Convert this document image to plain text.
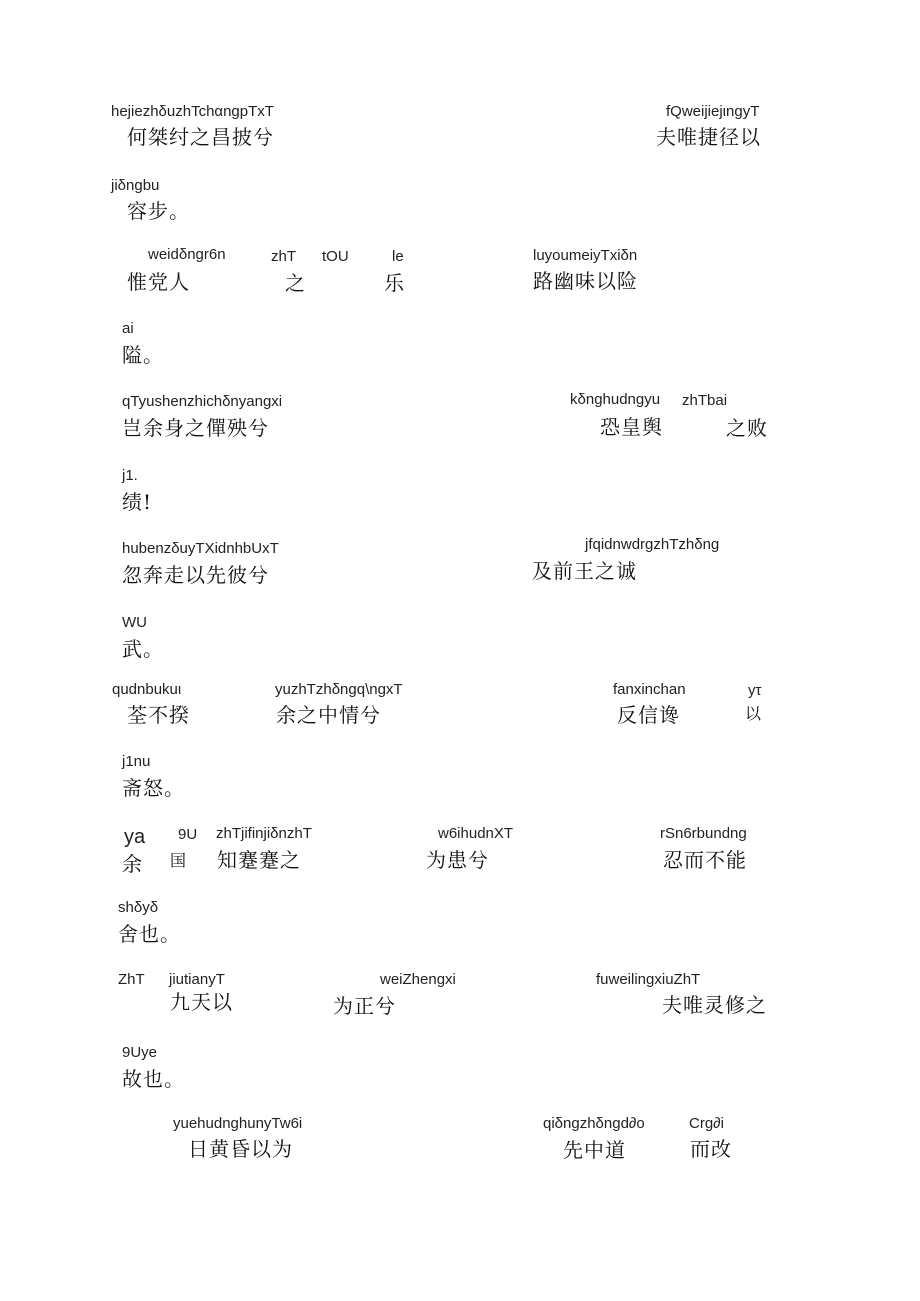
hejiezhδuzhTchαngpTxT	fQweijiejιngyT
何桀纣之昌披兮	夫唯捷径以
jiδngbu
容步。
weidδngr6n	zhT tOU	le	luyoumeiyTxiδn
惟党人	之	乐	路幽味以险
ai
隘。
qTyushenzhichδnyangxi	kδnghudngyu zhTbai
岂余身之僤殃兮	恐皇舆	之败
j1.
绩!
hubenzδuyTXidnhbUxT	jfqidnwdrgzhTzhδng
忽奔走以先彼兮	及前王之诚
WU
武。
qudnbukuι	yuzhTzhδngq\ngxT	fanxinchan	yτ
荃不揆	余之中情兮	反信谗	以
j1nu
斋怒。
ya 9U zhTjifinjiδnzhT	w6ihudnXT	rSn6rbundng
余 国 知蹇蹇之	为患兮	忍而不能
shδyδ
舍也。
ZhT jiutianyT	weiZhengxi	fuweilingxiuZhT
九天以	为正兮	夫唯灵修之
9Uye
故也。
yuehudnghunyTw6i	qiδngzhδngd∂o	Crg∂i
日黄昏以为	先中道	而改
